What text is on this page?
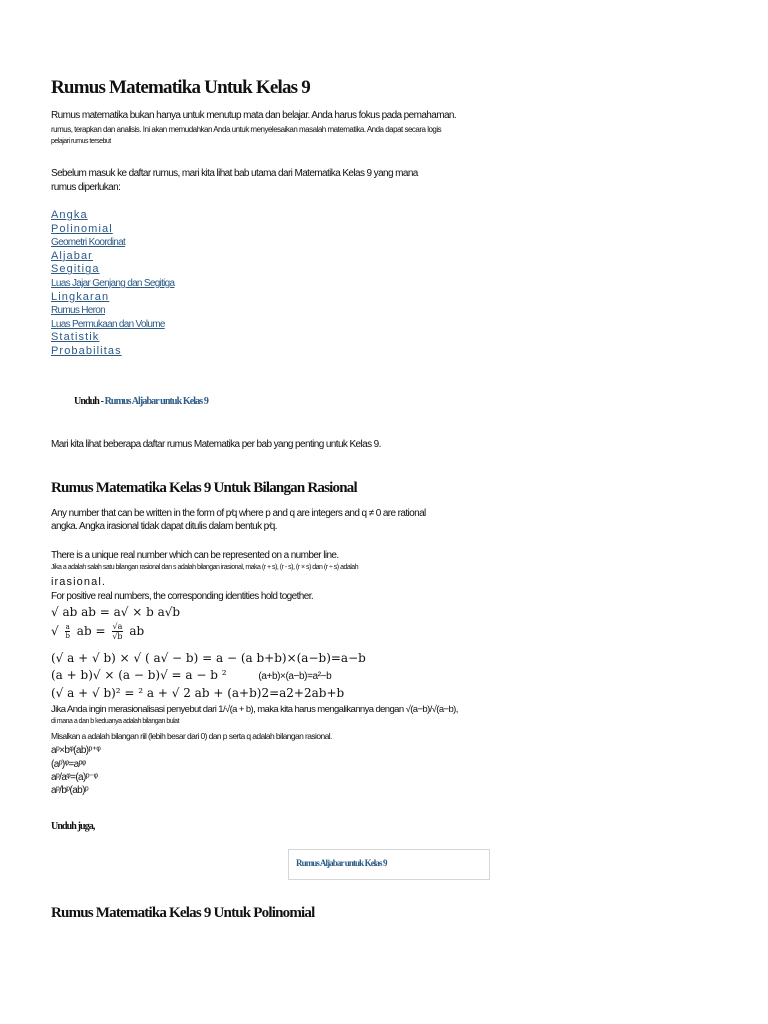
Rumus Matematika Untuk Kelas 9
Rumus matematika bukan hanya untuk menutup mata dan belajar. Anda harus fokus pada pemahaman.
rumus, terapkan dan analisis. Ini akan memudahkan Anda untuk menyelesaikan masalah matematika. Anda dapat secara logis
pelajari rumus tersebut
Sebelum masuk ke daftar rumus, mari kita lihat bab utama dari Matematika Kelas 9 yang mana
rumus diperlukan:
Angka
Polinomial
Geometri Koordinat
Aljabar
Segitiga
Luas Jajar Genjang dan Segitiga
Lingkaran
Rumus Heron
Luas Permukaan dan Volume
Statistik
Probabilitas
Unduh - Rumus Aljabar untuk Kelas 9
Mari kita lihat beberapa daftar rumus Matematika per bab yang penting untuk Kelas 9.
Rumus Matematika Kelas 9 Untuk Bilangan Rasional
Any number that can be written in the form of p⁄q where p and q are integers and q ≠ 0 are rational
angka. Angka irasional tidak dapat ditulis dalam bentuk p⁄q.
There is a unique real number which can be represented on a number line.
Jika a adalah salah satu bilangan rasional dan s adalah bilangan irasional, maka (r + s), (r - s), (r × s) dan (r ÷ s) adalah
irasional.
For positive real numbers, the corresponding identities hold together.
√ ab ab = a√ × b a√b
√ $\frac{a}{b}$ ab = $\frac{√a}{√b}$ ab
(√ a + √ b) × √ ( a√ − b) = a − (a b+b)×(a−b)=a−b
(a + b)√ × (a − b)√ = a − b ²	(a+b)×(a−b)=a²−b
(√ a + √ b)² = ² a + √ 2 ab + (a+b)2=a2+2ab+b
Jika Anda ingin merasionalisasi penyebut dari 1/√(a + b), maka kita harus mengalikannya dengan √(a−b)/√(a−b),
di mana a dan b keduanya adalah bilangan bulat
Misalkan a adalah bilangan riil (lebih besar dari 0) dan p serta q adalah bilangan rasional.
aᵖ×bᵠ(ab)ᵖ⁺ᵠ
(aᵖ)ᵠ=aᵖᵠ
aᵖ/aᵠ=(a)ᵖ⁻ᵠ
aᵖ/bᵖ(ab)ᵖ
Unduh juga,
Rumus Aljabar untuk Kelas 9
Rumus Matematika Kelas 9 Untuk Polinomial
